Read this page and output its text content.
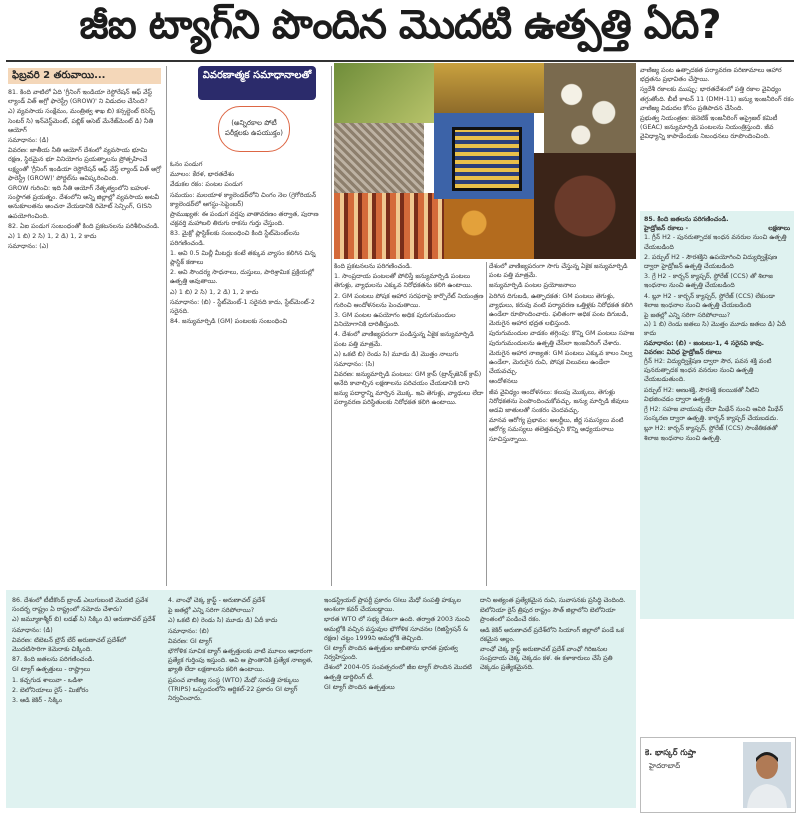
జీఐ ట్యాగ్‌ని పొందిన మొదటి ఉత్పత్తి ఏది?
ఫిబ్రవరి 2 తరువాయి...

81. కింది వాటిలో ఏది 'గ్రీనింగ్ ఇండియా రెస్టోరేషన్ ఆఫ్ వేస్ట్ ల్యాండ్ విత్ అగ్రో ఫారెస్ట్రీ (GROW)' ని విడుదల చేసింది?

ఎ) వ్యవసాయ సంక్షేమం, మంత్రిత్వ శాఖ బి) కన్సల్టెంట్ రిసెర్చ్ సెంటర్ సి) ఇన్‌వెస్ట్‌మెంట్, పబ్లిక్ అసెట్ మేనేజ్‌మెంట్ డి) నీతి ఆయోగ్

సమాధానం: (డి)

వివరణ: జాతీయ నీతి ఆయోగ్ దేశంలో వ్యవసాయ భూమి రక్షణ, స్థిరమైన భూ వినియోగం ప్రయత్నాలను ప్రోత్సహించే లక్ష్యంతో 'గ్రీనింగ్ ఇండియా రెస్టోరేషన్ ఆఫ్ వేస్ట్ ల్యాండ్ విత్ అగ్రో ఫారెస్ట్రీ (GROW)' పోర్టల్‌ను ఆవిష్కరించింది.

GROW గురించి: ఇది నీతి ఆయోగ్ నేతృత్వంలోని బహుళ-సంస్థాగత ప్రయత్నం. దేశంలోని అన్ని జిల్లాల్లో వ్యవసాయ అటవీ అనుకూలతను అంచనా వేయడానికి రిమోట్ సెన్సింగ్, GISని ఉపయోగించింది.

82. ఏఐ పండుగ సంబంధంతో కింది ప్రకటనలను పరిశీలించండి.

ఎ) 1 బి) 2 సి) 1, 2 డి) 1, 2 కాదు

సమాధానం: (ఎ)

వివరణాత్మక సమాధానాలతో
(అన్నిరకాల పోటీ పరీక్షలకు ఉపయుక్తం)

ఓనం పండుగ

మూలం: కేరళ, భారతదేశం

వేడుకల రకం: పంటల పండుగ

సమయం: మలయాళ క్యాలెండర్‌లోని చింగం నెల (గ్రెగోరియన్ క్యాలెండర్‌లో ఆగస్టు-సెప్టెంబర్)

ప్రాముఖ్యత: ఈ పండుగ వర్షపు వాతావరణం తర్వాత, పురాణ చక్రవర్తి మహాబలి తిరుగు రాకను గుర్తు చేస్తుంది.

83. మైక్రో ప్లాస్టిక్‌లకు సంబంధించి కింది స్టేట్‌మెంట్‌లను పరిగణించండి.

1. అవి 0.5 మిల్లీ మీటర్లు కంటే తక్కువ వ్యాసం కలిగిన చిన్న ప్లాస్టిక్ కణాలు

2. అవి సౌందర్య సాధనాలు, దుస్తులు, పారిశ్రామిక ప్రక్రియల్లో ఉత్పత్తి అవుతాయి.

ఎ) 1 బి) 2 సి) 1, 2 డి) 1, 2 కాదు

సమాధానం: (బి) - స్టేట్‌మెంట్-1 సరైనది కాదు, స్టేట్‌మెంట్-2 సరైనది.

84. జన్యుమార్పిడి (GM) పంటలకు సంబంధించి

కింది ప్రకటనలను పరిగణించండి.

1. సాంప్రదాయ పంటలతో పోలిస్తే జన్యుమార్పిడి పంటలు తెగుళ్లు, వ్యాధులను ఎక్కువ నిరోధకతను కలిగి ఉంటాయి.

2. GM పంటలు పోషక ఆహార సరఫరాపై కార్పొరేట్ నియంత్రణ గురించి ఆందోళనలను పెంచుతాయి.

3. GM పంటల ఉపయోగం అధిక పురుగుమందుల వినియోగానికి దారితీస్తుంది.

4. దేశంలో వాణిజ్యపరంగా పండిస్తున్న ఏకైక జన్యుమార్పిడి పంట పత్తి మాత్రమే.

ఎ) ఒకటి బి) రెండు సి) మూడు డి) మొత్తం నాలుగు

సమాధానం: (సి)

వివరణ: జన్యుమార్పిడి పంటలు: GM క్రాప్ (ట్రాన్స్‌జెనిక్ క్రాప్) అనేది కావాల్సిన లక్షణాలను పరిచయం చేయడానికి దాని జన్యు పదార్థాన్ని మార్చిన మొక్క. ఇవి తెగుళ్లు, వ్యాధులు లేదా పర్యావరణ పరిస్థితులకు నిరోధకత కలిగి ఉంటాయి.

దేశంలో వాణిజ్యపరంగా సాగు చేస్తున్న ఏకైక జన్యుమార్పిడి పంట పత్తి మాత్రమే.

జన్యుమార్పిడి పంటల ప్రయోజనాలు

పెరిగిన దిగుబడి, ఉత్పాదకత: GM పంటలు తెగుళ్లు, వ్యాధులు, కరువు వంటి పర్యావరణ ఒత్తిళ్లకు నిరోధకత కలిగి ఉండేలా రూపొందించారు. ఫలితంగా అధిక పంట దిగుబడి, మెరుగైన ఆహార భద్రత లభిస్తుంది.

పురుగుమందుల వాడకం తగ్గింపు: కొన్ని GM పంటలు సహజ పురుగుమందులను ఉత్పత్తి చేసేలా ఇంజనీరింగ్ చేశారు.

మెరుగైన ఆహార నాణ్యత: GM పంటలు ఎక్కువ కాలం నిల్వ ఉండేలా, మెరుగైన రుచి, పోషక విలువలు ఉండేలా చేయవచ్చు.

ఆందోళనలు

జీవ వైవిధ్యం ఆందోళనలు: కలుపు మొక్కలు, తెగుళ్లు నిరోధకతను పెంపొందించుకోవచ్చు. జన్యు మార్పిడి జీవులు అడవి జాతులతో సంకరం చెందవచ్చు.

మానవ ఆరోగ్య ప్రభావం: అలర్జీలు, జీర్ణ సమస్యలు వంటి ఆరోగ్య సమస్యలు తలెత్తవచ్చని కొన్ని అధ్యయనాలు సూచిస్తున్నాయి.

వాణిజ్య పంట ఉత్పాదకత పర్యావరణ పరిణామాలు ఆహార భద్రతను ప్రభావితం చేస్తాయి.

స్వదేశీ రకాలకు ముప్పు: భారతదేశంలో పత్తి రకాల వైవిధ్యం తగ్గుతోంది. బీటీ కాటన్ 11 (DMH-11) జన్యు ఇంజనీరింగ్ రకం వాణిజ్య విడుదల కోసం ప్రతిపాదన చేసింది.

ప్రభుత్వ నియంత్రణ: జెనెటిక్ ఇంజనీరింగ్ అప్రైజల్ కమిటీ (GEAC) జన్యుమార్పిడి పంటలను నియంత్రిస్తుంది. జీవ వైవిధ్యాన్ని కాపాడేందుకు నిబంధనలు రూపొందించింది.

85. కింది జతలను పరిగణించండి.
హైడ్రోజన్ రకాలు -	లక్షణాలు

1. గ్రీన్ H2 - పునరుత్పాదక ఇంధన వనరుల నుంచి ఉత్పత్తి చేయబడింది

2. పర్పుల్ H2 - సౌరశక్తిని ఉపయోగించి విద్యుద్విశ్లేషణ ద్వారా హైడ్రోజన్ ఉత్పత్తి చేయబడింది

3. గ్రే H2 - కార్బన్ క్యాప్చర్, స్టోరేజ్ (CCS) తో శిలాజ ఇంధనాల నుంచి ఉత్పత్తి చేయబడింది

4. బ్లూ H2 - కార్బన్ క్యాప్చర్, స్టోరేజ్ (CCS) లేకుండా శిలాజ ఇంధనాల నుంచి ఉత్పత్తి చేయబడింది

పై జతల్లో ఎన్ని సరిగా సరిపోలాయి?
ఎ) 1 బి) రెండు జతలు సి) మొత్తం మూడు జతలు డి) ఏదీ కాదు
సమాధానం: (బి) - జంటలు-1, 4 సరైనవి కావు.
వివరణ: వివిధ హైడ్రోజన్ రకాలు

గ్రీన్ H2: విద్యుద్విశ్లేషణ ద్వారా సౌర, పవన శక్తి వంటి పునరుత్పాదక ఇంధన వనరుల నుంచి ఉత్పత్తి చేయబడుతుంది.

పర్పుల్ H2: అణుశక్తి, సౌరశక్తి కలయికతో నీటిని విభజించడం ద్వారా ఉత్పత్తి.

గ్రే H2: సహజ వాయువు లేదా మీథేన్ నుంచి ఆవిరి మీథేన్ సంస్కరణ ద్వారా ఉత్పత్తి. కార్బన్ క్యాప్చర్ చేయబడదు.

బ్లూ H2: కార్బన్ క్యాప్చర్, స్టోరేజ్ (CCS) సాంకేతికతతో శిలాజ ఇంధనాల నుంచి ఉత్పత్తి.

86. దేశంలో టీటీకొంద్ బ్రాండ్ ఎలుగుబంటి మొదటి ప్రవేశ సందర్భ రాష్ట్రం ఏ రాష్ట్రంలో నమోదు చేశారు?

ఎ) జమ్మూకాశ్మీర్ బి) లడఖ్ సి) సిక్కిం డి) అరుణాచల్ ప్రదేశ్

సమాధానం: (డి)

వివరణ: టిబెటన్ బ్రౌన్ బేర్ అరుణాచల్ ప్రదేశ్‌లో మొదటిసారిగా కెమెరాకు చిక్కింది.

87. కింది జతలను పరిగణించండి.

GI ట్యాగ్ ఉత్పత్తులు - రాష్ట్రాలు

1. కచ్చగుడ శాలువా - ఒడిశా

2. బెలోనియాలు రైస్ - మిజోరం

3. ఆడి కెకిర్ - సిక్కిం

4. వాంఛో చెక్క క్రాఫ్ట్ - అరుణాచల్ ప్రదేశ్

పై జతల్లో ఎన్ని సరిగా సరిపోలాయి?

ఎ) ఒకటి బి) రెండు సి) మూడు డి) ఏదీ కాదు

సమాధానం: (బి)

వివరణ: GI ట్యాగ్

భౌగోళిక సూచిక ట్యాగ్ ఉత్పత్తులకు వాటి మూలం ఆధారంగా ప్రత్యేక గుర్తింపు ఇస్తుంది. అవి ఆ ప్రాంతానికి ప్రత్యేక నాణ్యత, ఖ్యాతి లేదా లక్షణాలను కలిగి ఉంటాయి.

ప్రపంచ వాణిజ్య సంస్థ (WTO) మేధో సంపత్తి హక్కులు (TRIPS) ఒప్పందంలోని ఆర్టికల్-22 ప్రకారం GI ట్యాగ్ నిర్వచించారు.

ఇండస్ట్రియల్ ప్రాపర్టీ ప్రకారం GIలు మేధో సంపత్తి హక్కుల అంశంగా కవర్ చేయబడ్డాయి.

భారత WTO లో సభ్య దేశంగా ఉంది. తర్వాత 2003 నుంచి అమల్లోకి వచ్చిన వస్తువుల భౌగోళిక సూచనల (రిజిస్ట్రేషన్ & రక్షణ) చట్టం 1999ని అమల్లోకి తెచ్చింది.

GI ట్యాగ్ పొందిన ఉత్పత్తుల జాబితాను భారత ప్రభుత్వ నిర్వహిస్తుంది.

దేశంలో 2004-05 సంవత్సరంలో జీఐ ట్యాగ్ పొందిన మొదటి ఉత్పత్తి డార్జిలింగ్ టీ.

GI ట్యాగ్ పొందిన ఉత్పత్తులు

దాని అత్యంత ప్రత్యేకమైన రుచి, సువాసనకు ప్రసిద్ధి చెందింది.

బెలోనియా రైస్ త్రిపుర రాష్ట్రం సౌత్ జిల్లాలోని బెలోనియా ప్రాంతంలో పండించే రకం.

ఆడి కెకిర్ అరుణాచల్ ప్రదేశ్‌లోని సియాంగ్ జిల్లాలో పండే ఒక రకమైన అల్లం.

వాంఛో చెక్క క్రాఫ్ట్ అరుణాచల్ ప్రదేశ్ వాంఛో గిరిజనుల సంప్రదాయ చెక్క చెక్కడం కళ. ఈ కళాకారులు చేసే ప్రతి చెక్కడం ప్రత్యేకమైనది.

కె. భాస్కర్ గుప్తా
హైదరాబాద్
